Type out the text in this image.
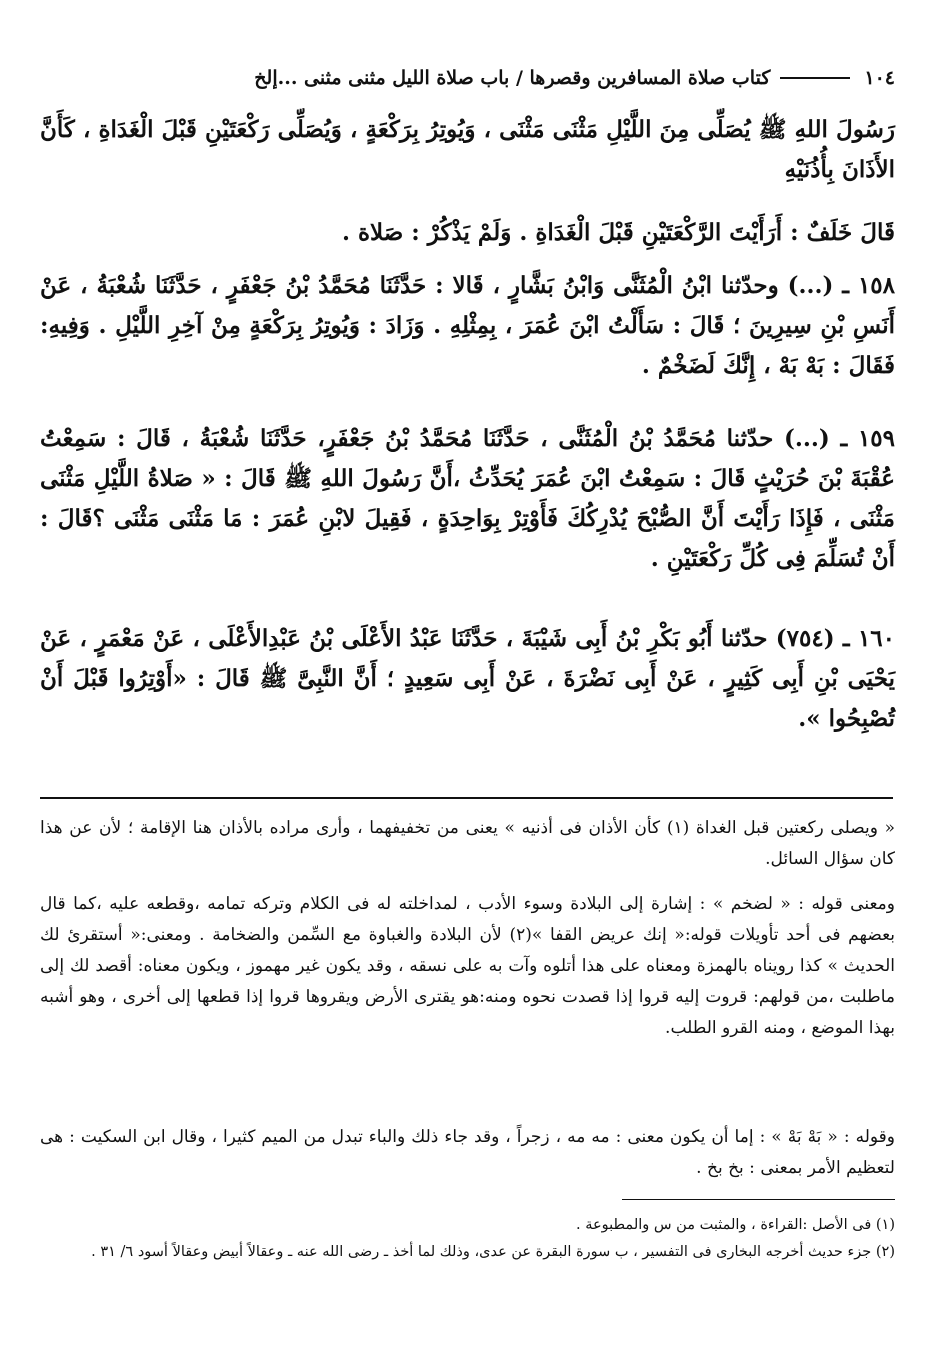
١٠٤
كتاب صلاة المسافرين وقصرها / باب صلاة الليل مثنى مثنى ...إلخ

رَسُولَ اللهِ ﷺ يُصَلِّى مِنَ اللَّيْلِ مَثْنَى مَثْنَى ، وَيُوتِرُ بِرَكْعَةٍ ، وَيُصَلِّى رَكْعَتَيْنِ قَبْلَ الْغَدَاةِ ، كَأَنَّ الأَذَانَ بِأُذُنَيْهِ

قَالَ خَلَفٌ : أَرَأَيْتَ الرَّكْعَتَيْنِ قَبْلَ الْغَدَاةِ . وَلَمْ يَذْكُرْ : صَلاة .

١٥٨ ـ (...) وحدّثنا ابْنُ الْمُثَنَّى وَابْنُ بَشَّارٍ ، قَالا : حَدَّثَنَا مُحَمَّدُ بْنُ جَعْفَرٍ ، حَدَّثَنَا شُعْبَةُ ، عَنْ أَنَسِ بْنِ سِيرِينَ ؛ قَالَ : سَأَلْتُ ابْنَ عُمَرَ ، بِمِثْلِهِ . وَزَادَ : وَيُوتِرُ بِرَكْعَةٍ مِنْ آخِرِ اللَّيْلِ . وَفِيهِ: فَقَالَ : بَهْ بَهْ ، إِنَّكَ لَضَخْمٌ .

١٥٩ ـ (...) حدّثنا مُحَمَّدُ بْنُ الْمُثَنَّى ، حَدَّثَنَا مُحَمَّدُ بْنُ جَعْفَرٍ، حَدَّثَنَا شُعْبَةُ ، قَالَ : سَمِعْتُ عُقْبَةَ بْنَ حُرَيْثٍ قَالَ : سَمِعْتُ ابْنَ عُمَرَ يُحَدِّثُ ،أَنَّ رَسُولَ اللهِ ﷺ قَالَ : « صَلاةُ اللَّيْلِ مَثْنَى مَثْنَى ، فَإِذَا رَأَيْتَ أَنَّ الصُّبْحَ يُدْرِكُكَ فَأَوْتِرْ بِوَاحِدَةٍ ، فَقِيلَ لابْنِ عُمَرَ : مَا مَثْنَى مَثْنَى ؟قَالَ : أَنْ تُسَلِّمَ فِى كُلِّ رَكْعَتَيْنِ .

١٦٠ ـ (٧٥٤) حدّثنا أَبُو بَكْرِ بْنُ أَبِى شَيْبَةَ ، حَدَّثَنَا عَبْدُ الأَعْلَى بْنُ عَبْدِالأَعْلَى ، عَنْ مَعْمَرٍ ، عَنْ يَحْيَى بْنِ أَبِى كَثِيرٍ ، عَنْ أَبِى نَضْرَةَ ، عَنْ أَبِى سَعِيدٍ ؛ أَنَّ النَّبِىَّ ﷺ قَالَ : «أَوْتِرُوا قَبْلَ أَنْ تُصْبِحُوا ».

« ويصلى ركعتين قبل الغداة (١) كأن الأذان فى أذنيه » يعنى من تخفيفهما ، وأرى مراده بالأذان هنا الإقامة ؛ لأن عن هذا كان سؤال السائل.

ومعنى قوله : « لضخم » : إشارة إلى البلادة وسوء الأدب ، لمداخلته له فى الكلام وتركه تمامه ،وقطعه عليه ،كما قال بعضهم فى أحد تأويلات قوله:« إنك عريض القفا »(٢) لأن البلادة والغباوة مع السِّمن والضخامة . ومعنى:« أستقرئ لك الحديث » كذا رويناه بالهمزة ومعناه على هذا أتلوه وآت به على نسقه ، وقد يكون غير مهموز ، ويكون معناه: أقصد لك إلى ماطلبت ،من قولهم: قروت إليه قروا إذا قصدت نحوه ومنه:هو يقترى الأرض ويقروها قروا إذا قطعها إلى أخرى ، وهو أشبه بهذا الموضع ، ومنه القرو الطلب.

وقوله : « بَهْ بَهْ » : إما أن يكون معنى : مه مه ، زجراً ، وقد جاء ذلك والباء تبدل من الميم كثيرا ، وقال ابن السكيت : هى لتعظيم الأمر بمعنى : بخ بخ .

(١) فى الأصل :القراءة ، والمثبت من س والمطبوعة .

(٢) جزء حديث أخرجه البخارى فى التفسير ، ب سورة البقرة عن عدى، وذلك لما أخذ ـ رضى الله عنه ـ وعقالاً أبيض وعقالاً أسود ٦/ ٣١ .
